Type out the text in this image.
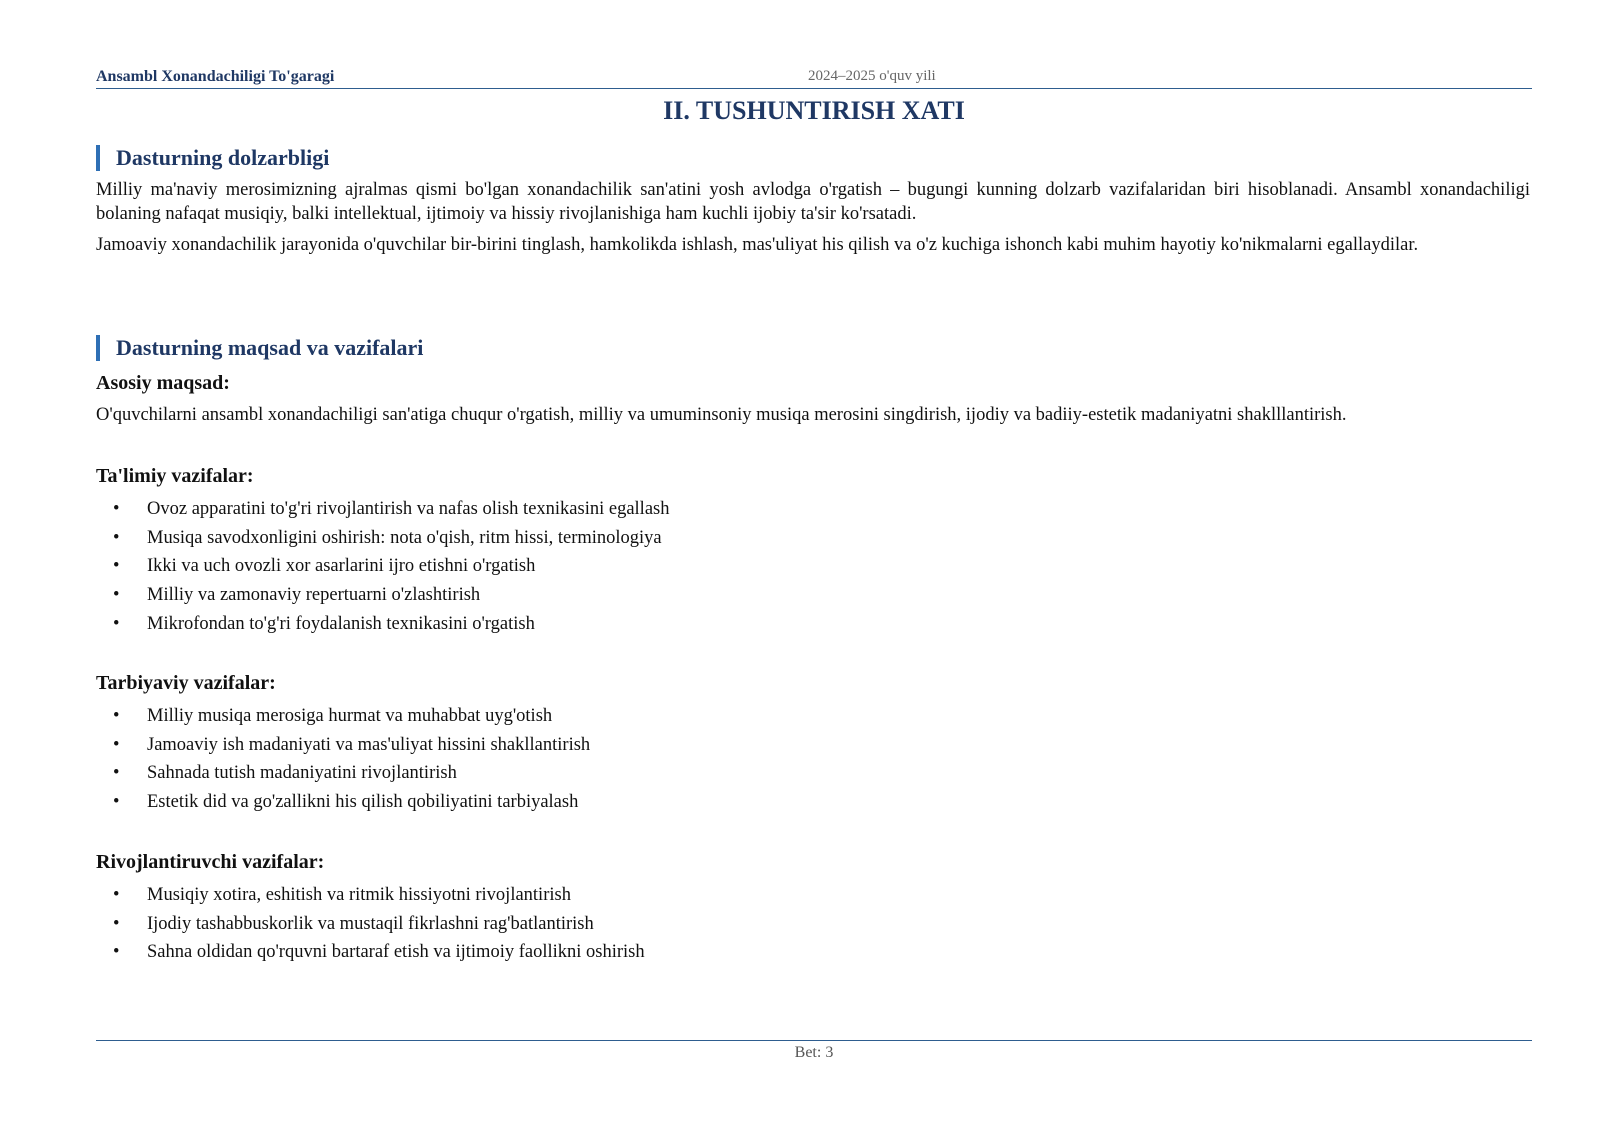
Ansambl Xonandachiligi To'garagi	2024–2025 o'quv yili
II. TUSHUNTIRISH XATI
Dasturning dolzarbligi

Milliy ma'naviy merosimizning ajralmas qismi bo'lgan xonandachilik san'atini yosh avlodga o'rgatish – bugungi kunning dolzarb vazifalaridan biri hisoblanadi. Ansambl xonandachiligi bolaning nafaqat musiqiy, balki intellektual, ijtimoiy va hissiy rivojlanishiga ham kuchli ijobiy ta'sir ko'rsatadi.

Jamoaviy xonandachilik jarayonida o'quvchilar bir-birini tinglash, hamkolikda ishlash, mas'uliyat his qilish va o'z kuchiga ishonch kabi muhim hayotiy ko'nikmalarni egallaydilar.

Dasturning maqsad va vazifalari

Asosiy maqsad:

O'quvchilarni ansambl xonandachiligi san'atiga chuqur o'rgatish, milliy va umuminsoniy musiqa merosini singdirish, ijodiy va badiiy-estetik madaniyatni shaklllantirish.

Ta'limiy vazifalar:

• Ovoz apparatini to'g'ri rivojlantirish va nafas olish texnikasini egallash
• Musiqa savodxonligini oshirish: nota o'qish, ritm hissi, terminologiya
• Ikki va uch ovozli xor asarlarini ijro etishni o'rgatish
• Milliy va zamonaviy repertuarni o'zlashtirish
• Mikrofondan to'g'ri foydalanish texnikasini o'rgatish

Tarbiyaviy vazifalar:

• Milliy musiqa merosiga hurmat va muhabbat uyg'otish
• Jamoaviy ish madaniyati va mas'uliyat hissini shakllantirish
• Sahnada tutish madaniyatini rivojlantirish
• Estetik did va go'zallikni his qilish qobiliyatini tarbiyalash

Rivojlantiruvchi vazifalar:

• Musiqiy xotira, eshitish va ritmik hissiyotni rivojlantirish
• Ijodiy tashabbuskorlik va mustaqil fikrlashni rag'batlantirish
• Sahna oldidan qo'rquvni bartaraf etish va ijtimoiy faollikni oshirish
Bet: 3
